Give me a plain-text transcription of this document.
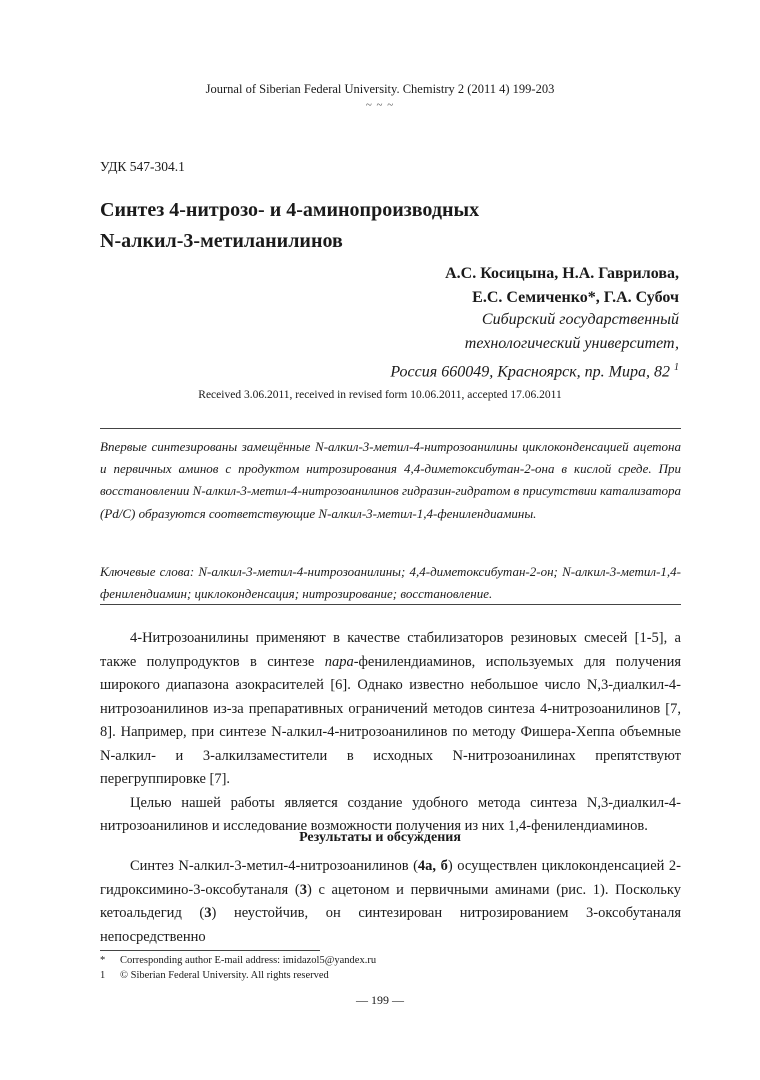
Journal of Siberian Federal University. Chemistry 2 (2011 4) 199-203
~ ~ ~
УДК 547-304.1
Синтез 4-нитрозо- и 4-аминопроизводных
N-алкил-3-метиланилинов
А.С. Косицына, Н.А. Гаврилова,
Е.С. Семиченко*, Г.А. Субоч
Сибирский государственный
технологический университет,
Россия 660049, Красноярск, пр. Мира, 82 $^1$
Received 3.06.2011, received in revised form 10.06.2011, accepted 17.06.2011
Впервые синтезированы замещённые N-алкил-3-метил-4-нитрозоанилины циклоконденсацией ацетона и первичных аминов с продуктом нитрозирования 4,4-диметоксибутан-2-она в кислой среде. При восстановлении N-алкил-3-метил-4-нитрозоанилинов гидразин-гидратом в присутствии катализатора (Pd/C) образуются соответствующие N-алкил-3-метил-1,4-фенилендиамины.
Ключевые слова: N-алкил-3-метил-4-нитрозоанилины; 4,4-диметоксибутан-2-он; N-алкил-3-метил-1,4-фенилендиамин; циклоконденсация; нитрозирование; восстановление.

4-Нитрозоанилины применяют в качестве стабилизаторов резиновых смесей [1-5], а также полупродуктов в синтезе пара-фенилендиаминов, используемых для получения широкого диапазона азокрасителей [6]. Однако известно небольшое число N,3-диалкил-4-нитрозоанилинов из-за препаративных ограничений методов синтеза 4-нитрозоанилинов [7, 8]. Например, при синтезе N-алкил-4-нитрозоанилинов по методу Фишера-Хеппа объемные N-алкил- и 3-алкилзаместители в исходных N-нитрозоанилинах препятствуют перегруппировке [7].

Целью нашей работы является создание удобного метода синтеза N,3-диалкил-4-нитрозоанилинов и исследование возможности получения из них 1,4-фенилендиаминов.

Результаты и обсуждения

Синтез N-алкил-3-метил-4-нитрозоанилинов (4а, б) осуществлен циклоконденсацией 2-гидроксимино-3-оксобутаналя (3) с ацетоном и первичными аминами (рис. 1). Поскольку кетоальдегид (3) неустойчив, он синтезирован нитрозированием 3-оксобутаналя непосредственно

* Corresponding author E-mail address: imidazol5@yandex.ru
1 © Siberian Federal University. All rights reserved
— 199 —
